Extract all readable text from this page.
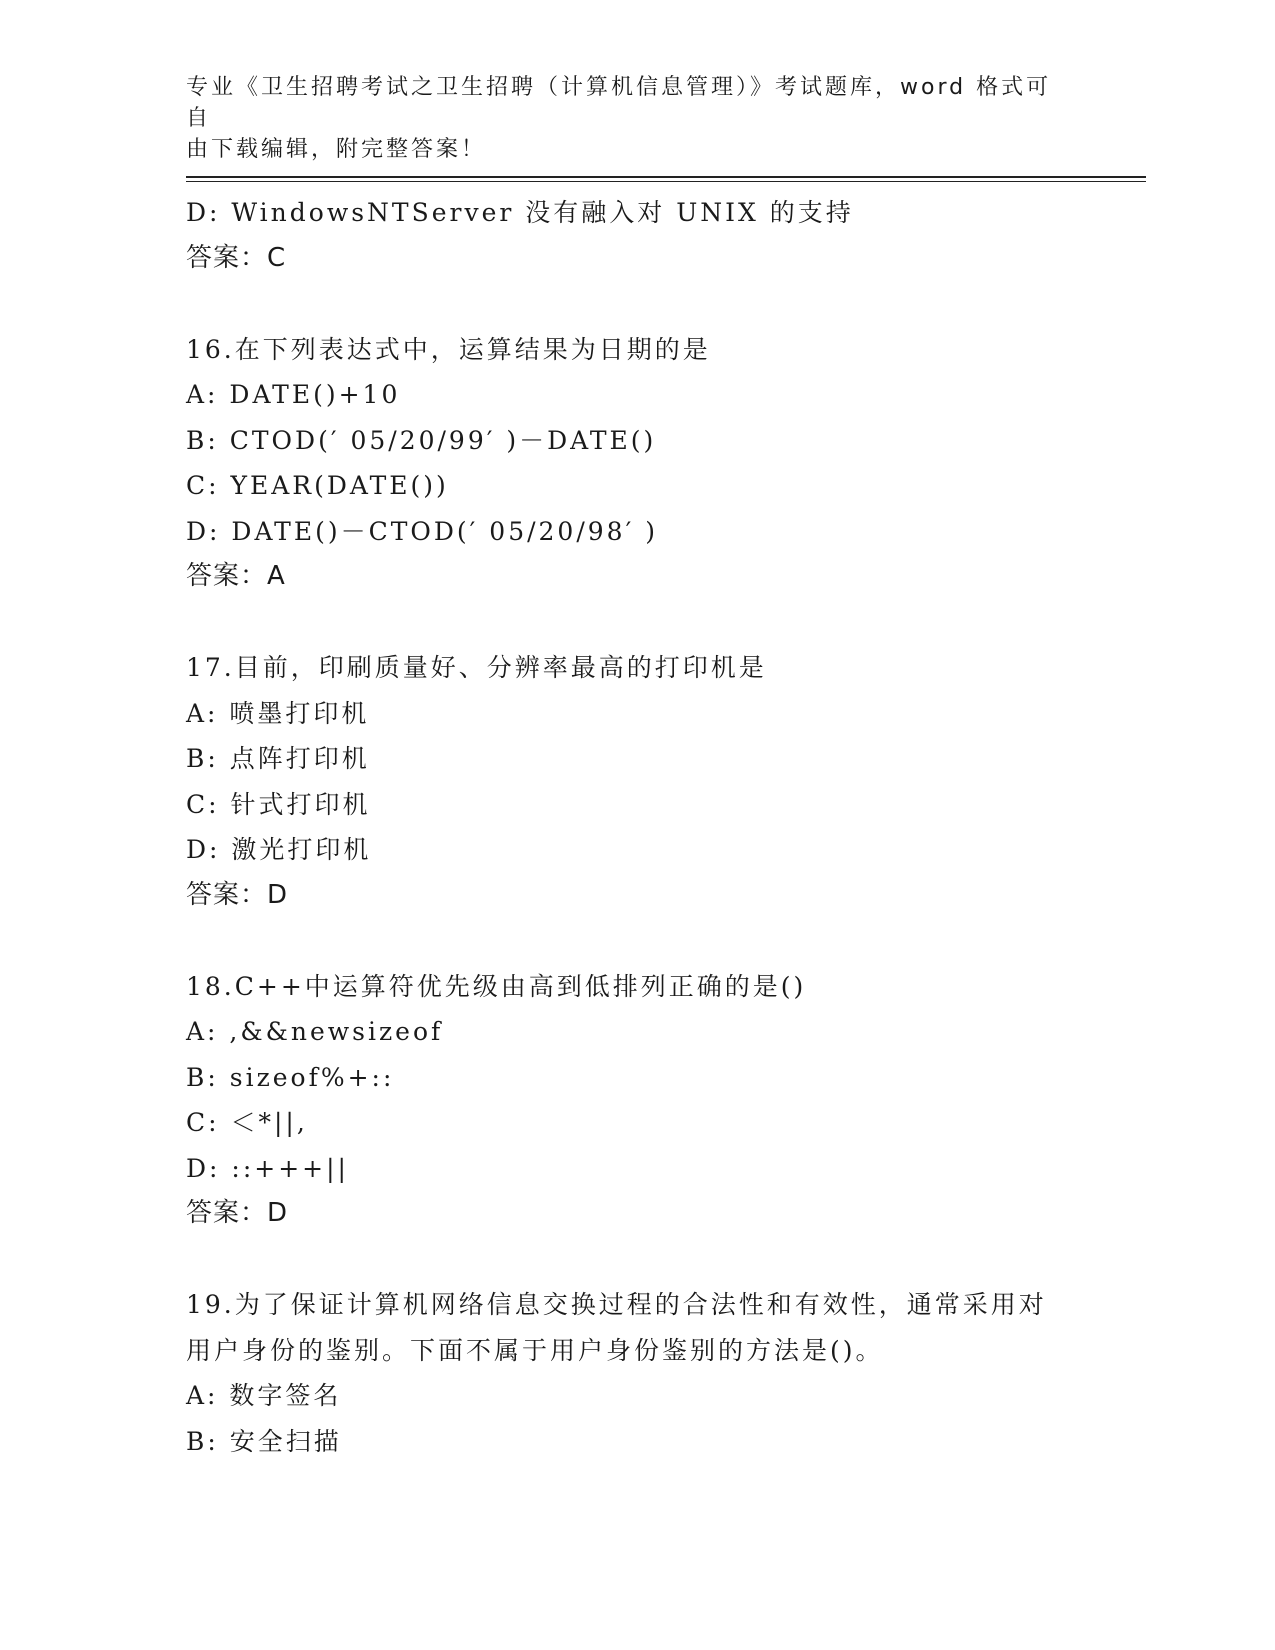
专业《卫生招聘考试之卫生招聘（计算机信息管理）》考试题库，word 格式可自
由下载编辑，附完整答案！
D: WindowsNTServer 没有融入对 UNIX 的支持
答案：C
16.在下列表达式中，运算结果为日期的是
A: DATE()+10
B: CTOD(′ 05/20/99′ )－DATE()
C: YEAR(DATE())
D: DATE()－CTOD(′ 05/20/98′ )
答案：A
17.目前，印刷质量好、分辨率最高的打印机是
A: 喷墨打印机
B: 点阵打印机
C: 针式打印机
D: 激光打印机
答案：D
18.C++中运算符优先级由高到低排列正确的是()
A: ,&&newsizeof
B: sizeof%+::
C: ＜*||,
D: ::+++||
答案：D
19.为了保证计算机网络信息交换过程的合法性和有效性，通常采用对
用户身份的鉴别。下面不属于用户身份鉴别的方法是()。
A: 数字签名
B: 安全扫描
